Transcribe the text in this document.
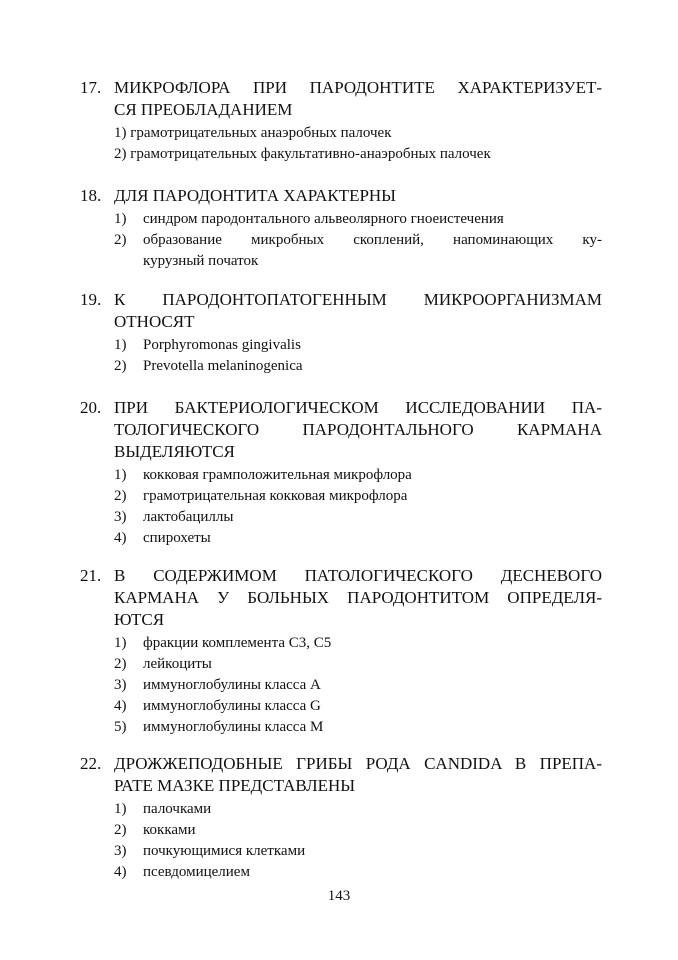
17. МИКРОФЛОРА ПРИ ПАРОДОНТИТЕ ХАРАКТЕРИЗУЕТ-
СЯ ПРЕОБЛАДАНИЕМ
1) грамотрицательных анаэробных палочек
2) грамотрицательных факультативно-анаэробных палочек
18. ДЛЯ ПАРОДОНТИТА ХАРАКТЕРНЫ
1) синдром пародонтального альвеолярного гноеистечения
2) образование микробных скоплений, напоминающих ку-
курузный початок
19. К ПАРОДОНТОПАТОГЕННЫМ МИКРООРГАНИЗМАМ
ОТНОСЯТ
1) Porphyromonas gingivalis
2) Prevotella melaninogenica
20. ПРИ БАКТЕРИОЛОГИЧЕСКОМ ИССЛЕДОВАНИИ ПА-
ТОЛОГИЧЕСКОГО ПАРОДОНТАЛЬНОГО КАРМАНА
ВЫДЕЛЯЮТСЯ
1) кокковая грамположительная микрофлора
2) грамотрицательная кокковая микрофлора
3) лактобациллы
4) спирохеты
21. В СОДЕРЖИМОМ ПАТОЛОГИЧЕСКОГО ДЕСНЕВОГО
КАРМАНА У БОЛЬНЫХ ПАРОДОНТИТОМ ОПРЕДЕЛЯ-
ЮТСЯ
1) фракции комплемента С3, С5
2) лейкоциты
3) иммуноглобулины класса А
4) иммуноглобулины класса G
5) иммуноглобулины класса М
22. ДРОЖЖЕПОДОБНЫЕ ГРИБЫ РОДА CANDIDA В ПРЕПА-
РАТЕ МАЗКЕ ПРЕДСТАВЛЕНЫ
1) палочками
2) кокками
3) почкующимися клетками
4) псевдомицелием
143
